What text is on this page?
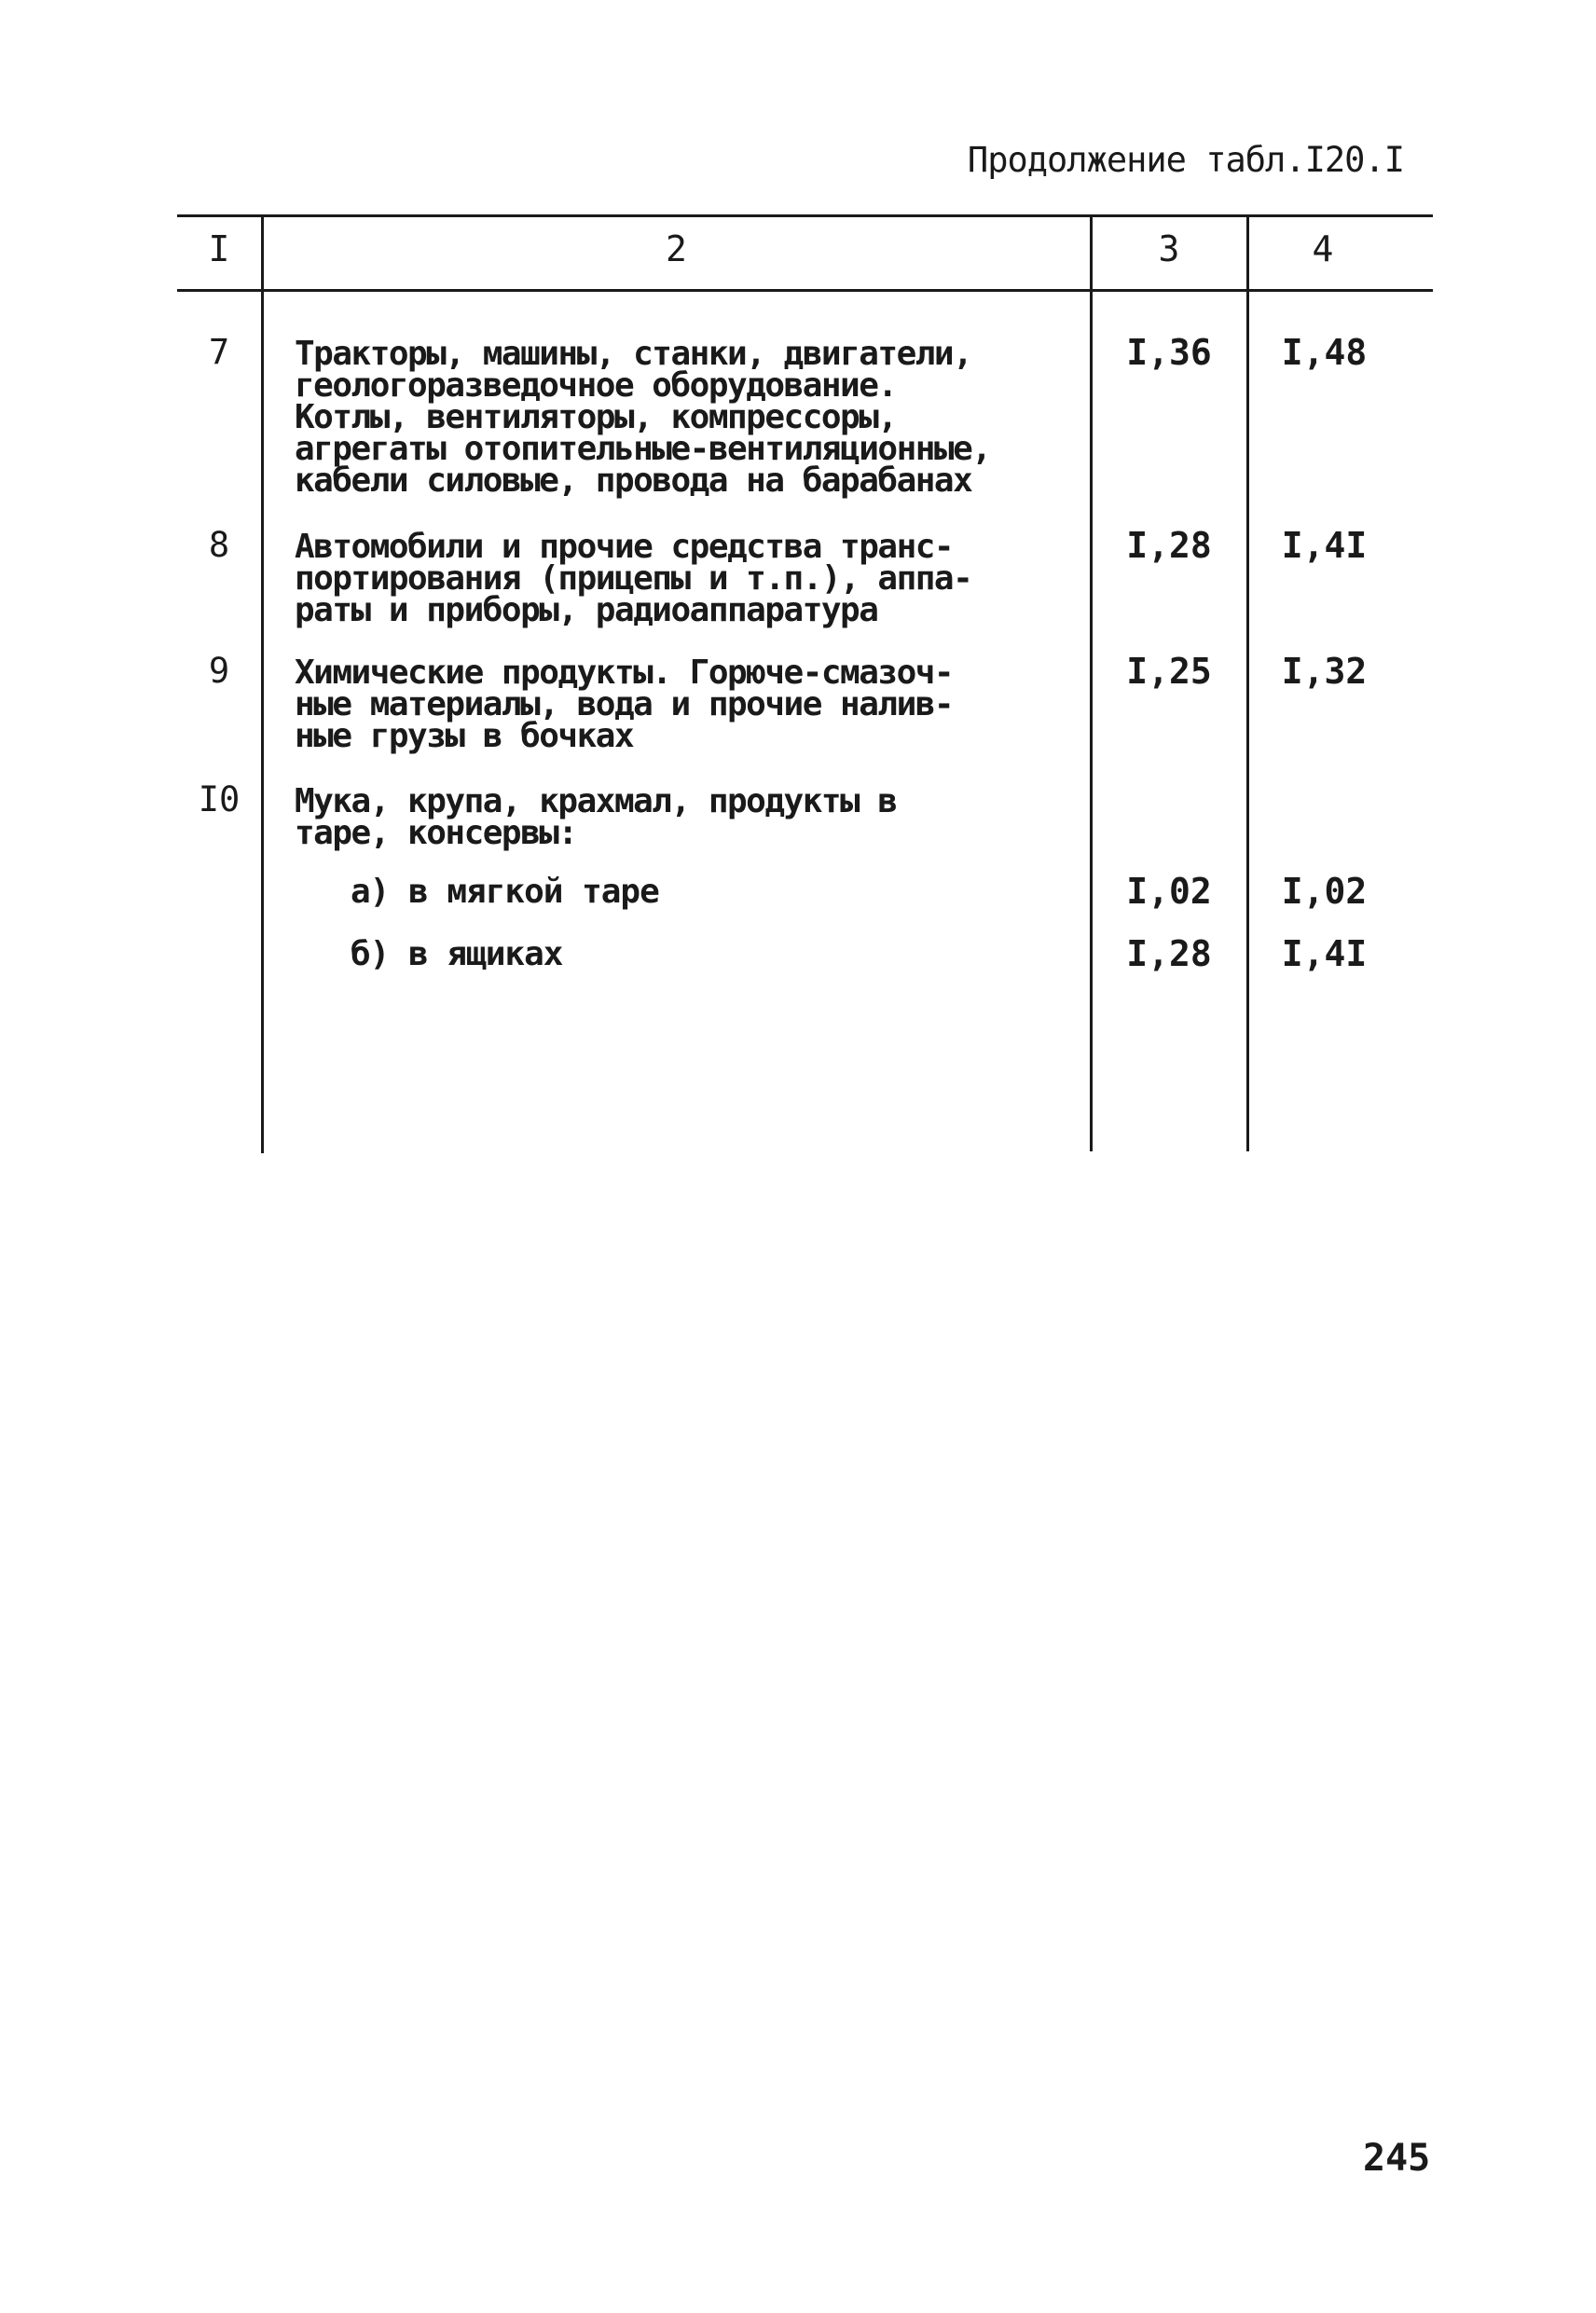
Продолжение табл.I20.I
I	2	3	4
7	Тракторы, машины, станки, двигатели,
геологоразведочное оборудование.
Котлы, вентиляторы, компрессоры,
агрегаты отопительные-вентиляционные,
кабели силовые, провода на барабанах
I,36	I,48
8	Автомобили и прочие средства транс-
портирования (прицепы и т.п.), аппа-
раты и приборы, радиоаппаратура
I,28	I,4I
9	Химические продукты. Горюче-смазоч-
ные материалы, вода и прочие налив-
ные грузы в бочках
I,25	I,32
I0	Мука, крупа, крахмал, продукты в
таре, консервы:
а) в мягкой таре	I,02	I,02
б) в ящиках	I,28	I,4I
245
